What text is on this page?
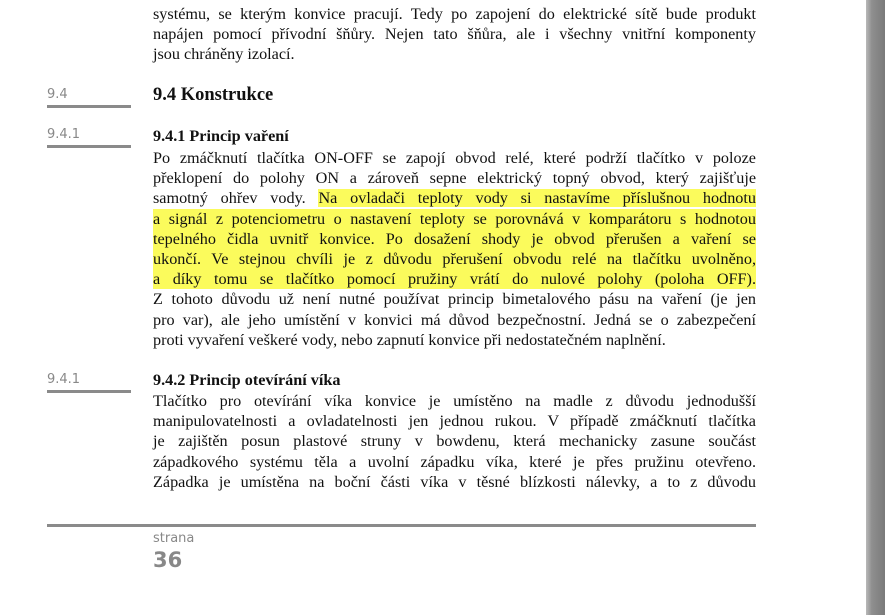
systému, se kterým konvice pracují. Tedy po zapojení do elektrické sítě bude produkt
napájen pomocí přívodní šňůry. Nejen tato šňůra, ale i všechny vnitřní komponenty
jsou chráněny izolací.
9.4	9.4 Konstrukce
9.4.1	9.4.1 Princip vaření
Po zmáčknutí tlačítka ON-OFF se zapojí obvod relé, které podrží tlačítko v poloze
překlopení do polohy ON a zároveň sepne elektrický topný obvod, který zajišťuje
samotný ohřev vody. Na ovladači teploty vody si nastavíme příslušnou hodnotu
a signál z potenciometru o nastavení teploty se porovnává v komparátoru s hodnotou
tepelného čidla uvnitř konvice. Po dosažení shody je obvod přerušen a vaření se
ukončí. Ve stejnou chvíli je z důvodu přerušení obvodu relé na tlačítku uvolněno,
a díky tomu se tlačítko pomocí pružiny vrátí do nulové polohy (poloha OFF).
Z tohoto důvodu už není nutné používat princip bimetalového pásu na vaření (je jen
pro var), ale jeho umístění v konvici má důvod bezpečnostní. Jedná se o zabezpečení
proti vyvaření veškeré vody, nebo zapnutí konvice při nedostatečném naplnění.
9.4.1	9.4.2 Princip otevírání víka
Tlačítko pro otevírání víka konvice je umístěno na madle z důvodu jednodušší
manipulovatelnosti a ovladatelnosti jen jednou rukou. V případě zmáčknutí tlačítka
je zajištěn posun plastové struny v bowdenu, která mechanicky zasune součást
západkového systému těla a uvolní západku víka, které je přes pružinu otevřeno.
Západka je umístěna na boční části víka v těsné blízkosti nálevky, a to z důvodu
strana
36
